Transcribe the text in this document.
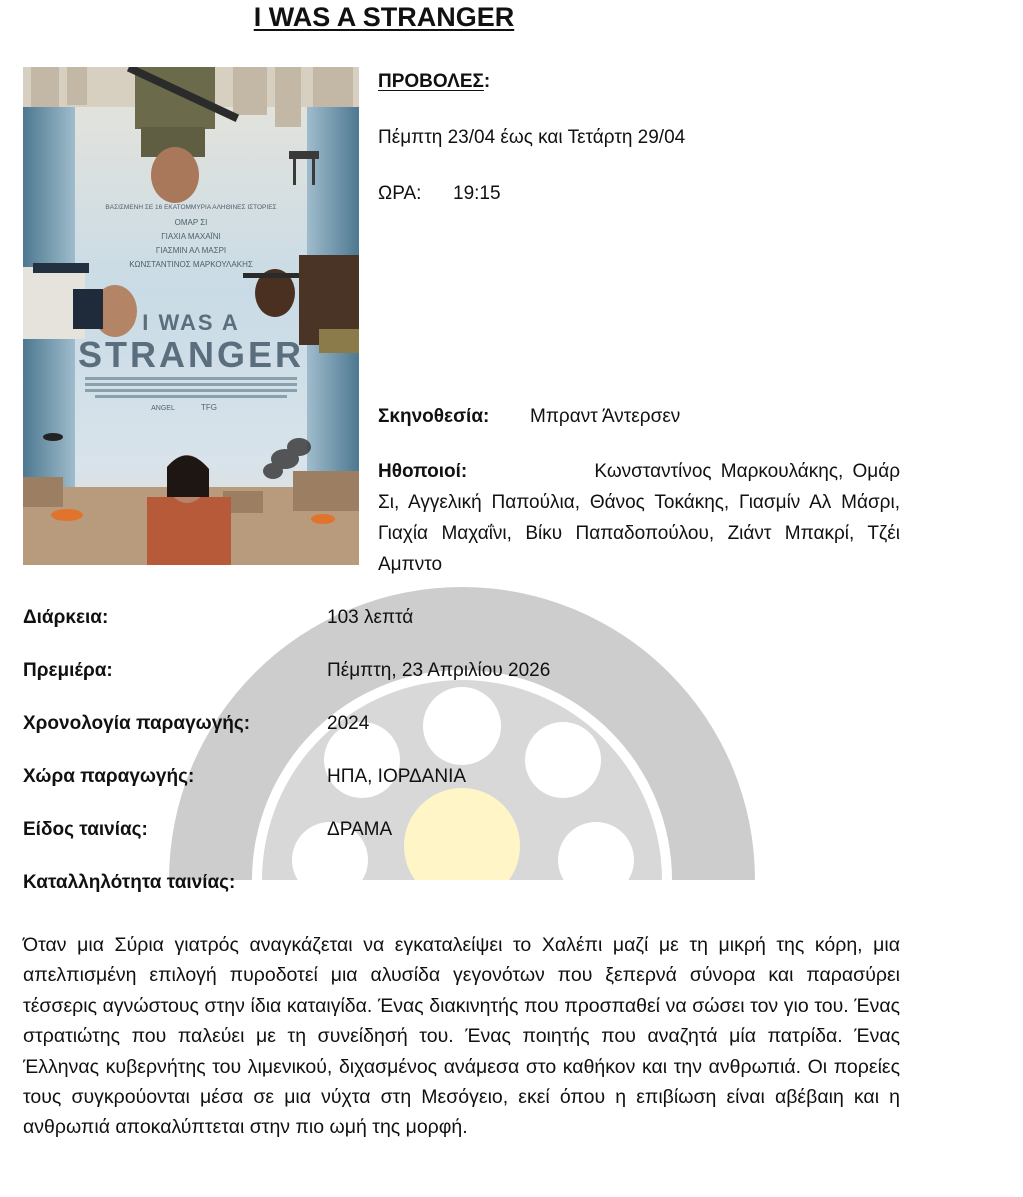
I WAS A STRANGER
ΒΑΣΙΣΜΕΝΗ ΣΕ 16 ΕΚΑΤΟΜΜΥΡΙΑ ΑΛΗΘΙΝΕΣ ΙΣΤΟΡΙΕΣ
ΟΜΑΡ ΣΙ
ΓΙΑΧΙΑ ΜΑΧΑΪΝΙ
ΓΙΑΣΜΙΝ ΑΛ ΜΑΣΡΙ
ΚΩΝΣΤΑΝΤΙΝΟΣ ΜΑΡΚΟΥΛΑΚΗΣ
I WAS A
STRANGER
ANGEL	TFG
ΠΡΟΒΟΛΕΣ:
Πέμπτη 23/04 έως και Τετάρτη 29/04
ΩΡΑ: 19:15
Σκηνοθεσία: Μπραντ Άντερσεν
Ηθοποιοί:	Κωνσταντίνος Μαρκουλάκης, Ομάρ Σι, Αγγελική Παπούλια, Θάνος Τοκάκης, Γιασμίν Αλ Μάσρι, Γιαχία Μαχαΐνι, Βίκυ Παπαδοπούλου, Ζιάντ Μπακρί, Τζέι Αμπντο
Διάρκεια:	103 λεπτά
Πρεμιέρα:	Πέμπτη, 23 Απριλίου 2026
Χρονολογία παραγωγής:	2024
Χώρα παραγωγής:	ΗΠΑ, ΙΟΡΔΑΝΙΑ
Είδος ταινίας:	ΔΡΑΜΑ
Καταλληλότητα ταινίας:
Όταν μια Σύρια γιατρός αναγκάζεται να εγκαταλείψει το Χαλέπι μαζί με τη μικρή της κόρη, μια απελπισμένη επιλογή πυροδοτεί μια αλυσίδα γεγονότων που ξεπερνά σύνορα και παρασύρει τέσσερις αγνώστους στην ίδια καταιγίδα. Ένας διακινητής που προσπαθεί να σώσει τον γιο του. Ένας στρατιώτης που παλεύει με τη συνείδησή του. Ένας ποιητής που αναζητά μία πατρίδα. Ένας Έλληνας κυβερνήτης του λιμενικού, διχασμένος ανάμεσα στο καθήκον και την ανθρωπιά. Οι πορείες τους συγκρούονται μέσα σε μια νύχτα στη Μεσόγειο, εκεί όπου η επιβίωση είναι αβέβαιη και η ανθρωπιά αποκαλύπτεται στην πιο ωμή της μορφή.
